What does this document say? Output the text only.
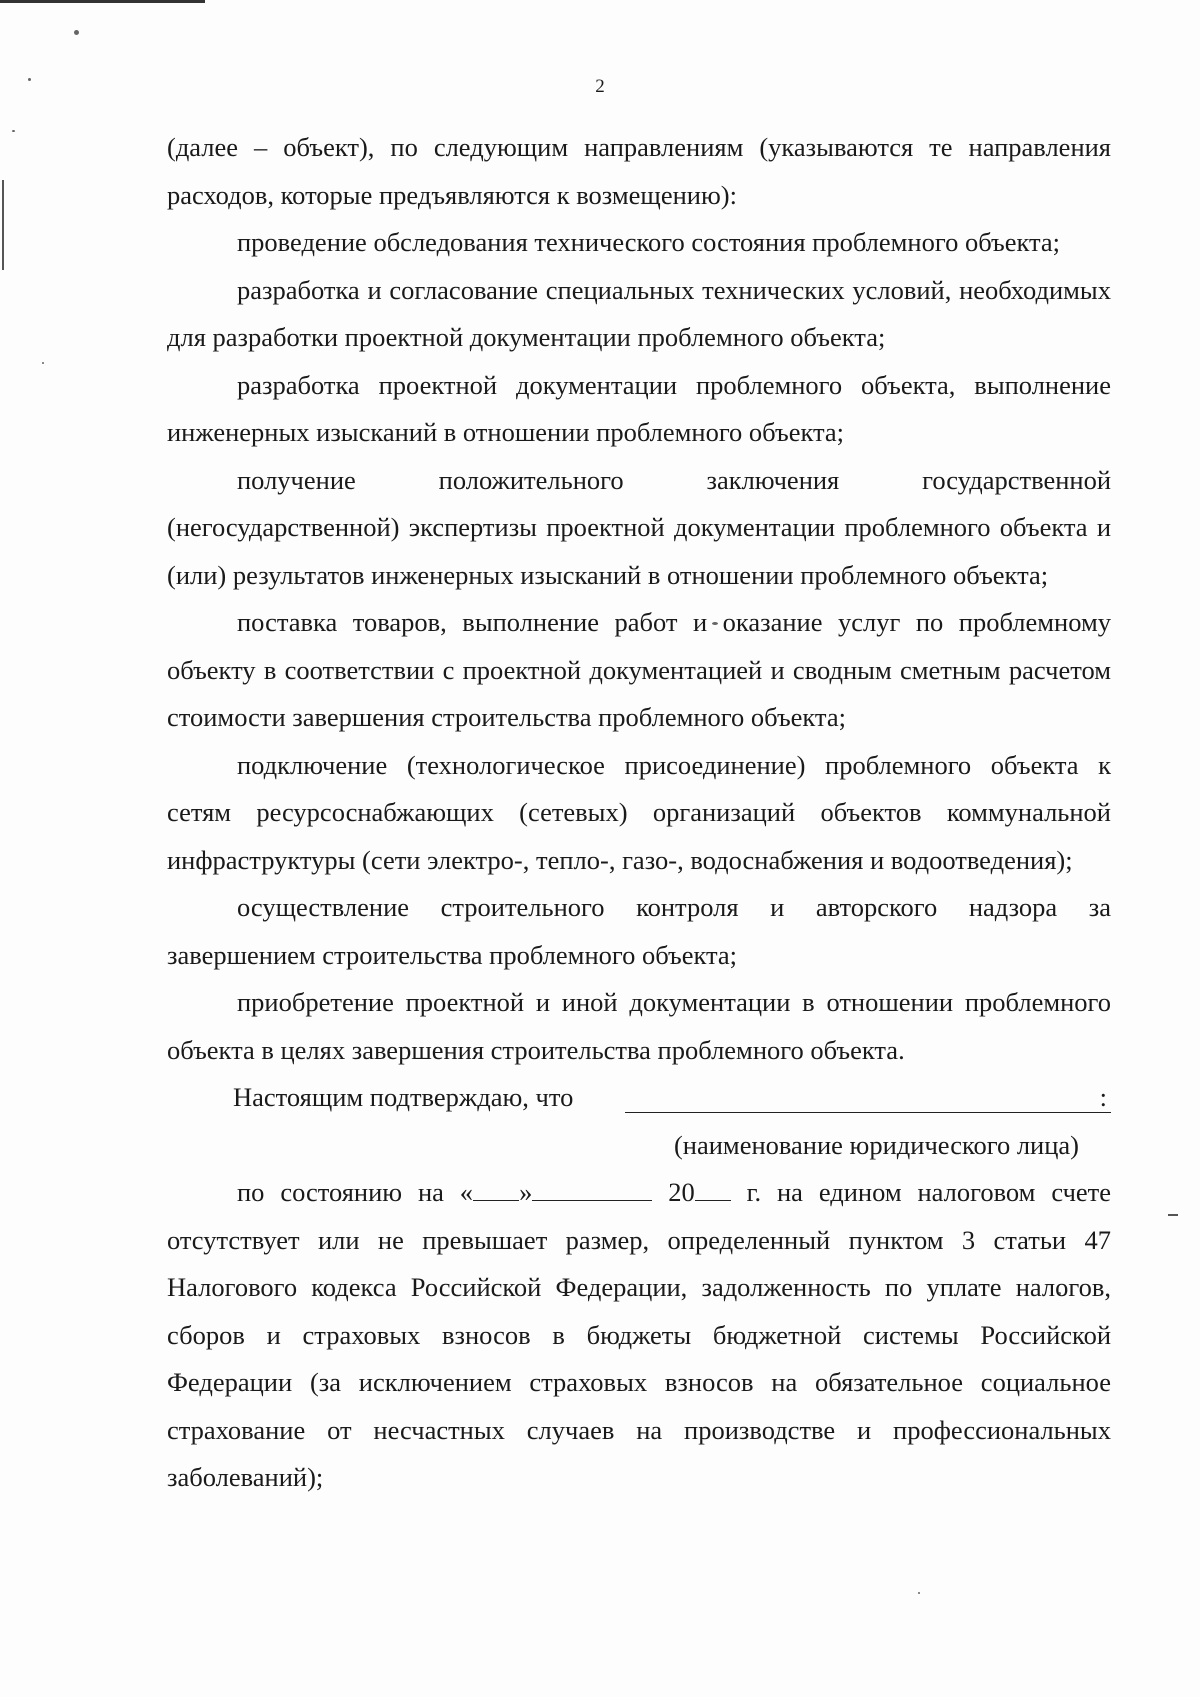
2

(далее – объект), по следующим направлениям (указываются те направления расходов, которые предъявляются к возмещению):

проведение обследования технического состояния проблемного объекта;

разработка и согласование специальных технических условий, необходимых для разработки проектной документации проблемного объекта;

разработка проектной документации проблемного объекта, выполнение инженерных изысканий в отношении проблемного объекта;

получение положительного заключения государственной (негосударственной) экспертизы проектной документации проблемного объекта и (или) результатов инженерных изысканий в отношении проблемного объекта;

поставка товаров, выполнение работ и оказание услуг по проблемному объекту в соответствии с проектной документацией и сводным сметным расчетом стоимости завершения строительства проблемного объекта;

подключение (технологическое присоединение) проблемного объекта к сетям ресурсоснабжающих (сетевых) организаций объектов коммунальной инфраструктуры (сети электро-, тепло-, газо-, водоснабжения и водоотведения);

осуществление строительного контроля и авторского надзора за завершением строительства проблемного объекта;

приобретение проектной и иной документации в отношении проблемного объекта в целях завершения строительства проблемного объекта.

Настоящим подтверждаю, что	:
(наименование юридического лица)

по состоянию на « »	20 г. на едином налоговом счете

отсутствует или не превышает размер, определенный пунктом 3 статьи 47 Налогового кодекса Российской Федерации, задолженность по уплате налогов, сборов и страховых взносов в бюджеты бюджетной системы Российской Федерации (за исключением страховых взносов на обязательное социальное страхование от несчастных случаев на производстве и профессиональных заболеваний);
